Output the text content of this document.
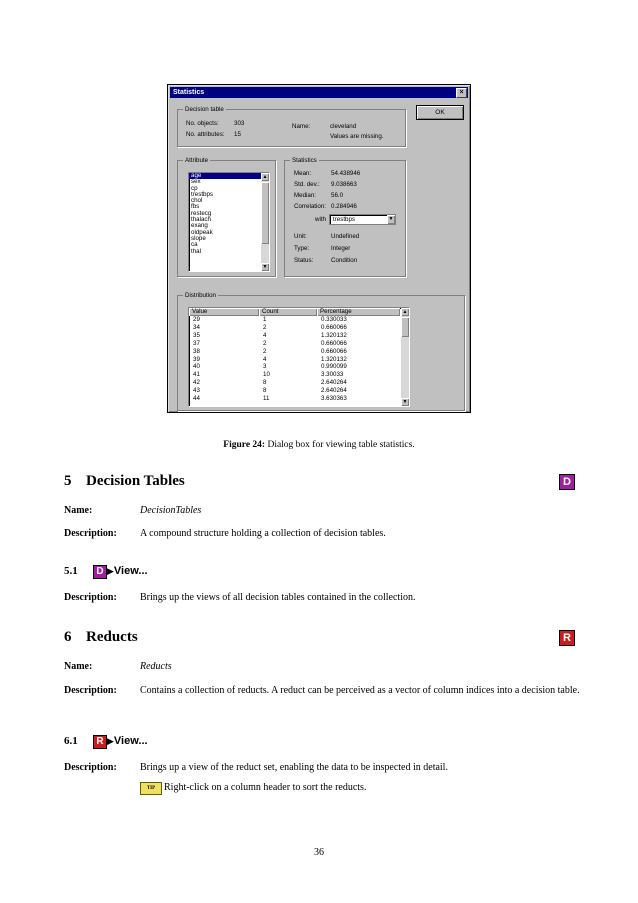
Statistics	×
OK
Decision table
No. objects: 303
No. attributes: 15
Name:	cleveland
Values are missing.
Attribute
age
sex
cp
trestbps
chol
fbs
restecg
thalach
exang
oldpeak
slope
ca
thal
▲
▼
Statistics
Mean:	54.438946
Std. dev.: 9.038663
Median: 56.0
Correlation: 0.284946
with	trestbps	▼
Unit:	Undefined
Type:	Integer
Status:	Condition
Distribution
Value	Count	Percentage	▲
▼
29	1	0.330033
34	2	0.660066
35	4	1.320132
37	2	0.660066
38	2	0.660066
39	4	1.320132
40	3	0.990099
41	10	3.30033
42	8	2.640264
43	8	2.640264
44	11	3.630363
Figure 24: Dialog box for viewing table statistics.
5 Decision Tables	D
Name:	DecisionTables
Description: A compound structure holding a collection of decision tables.
5.1	D ▶View...
Description: Brings up the views of all decision tables contained in the collection.
6 Reducts	R
Name:	Reducts
Description: Contains a collection of reducts. A reduct can be perceived as a vector of column indices into a decision table.
6.1	R ▶View...
Description: Brings up a view of the reduct set, enabling the data to be inspected in detail.
TIP Right-click on a column header to sort the reducts.
36
